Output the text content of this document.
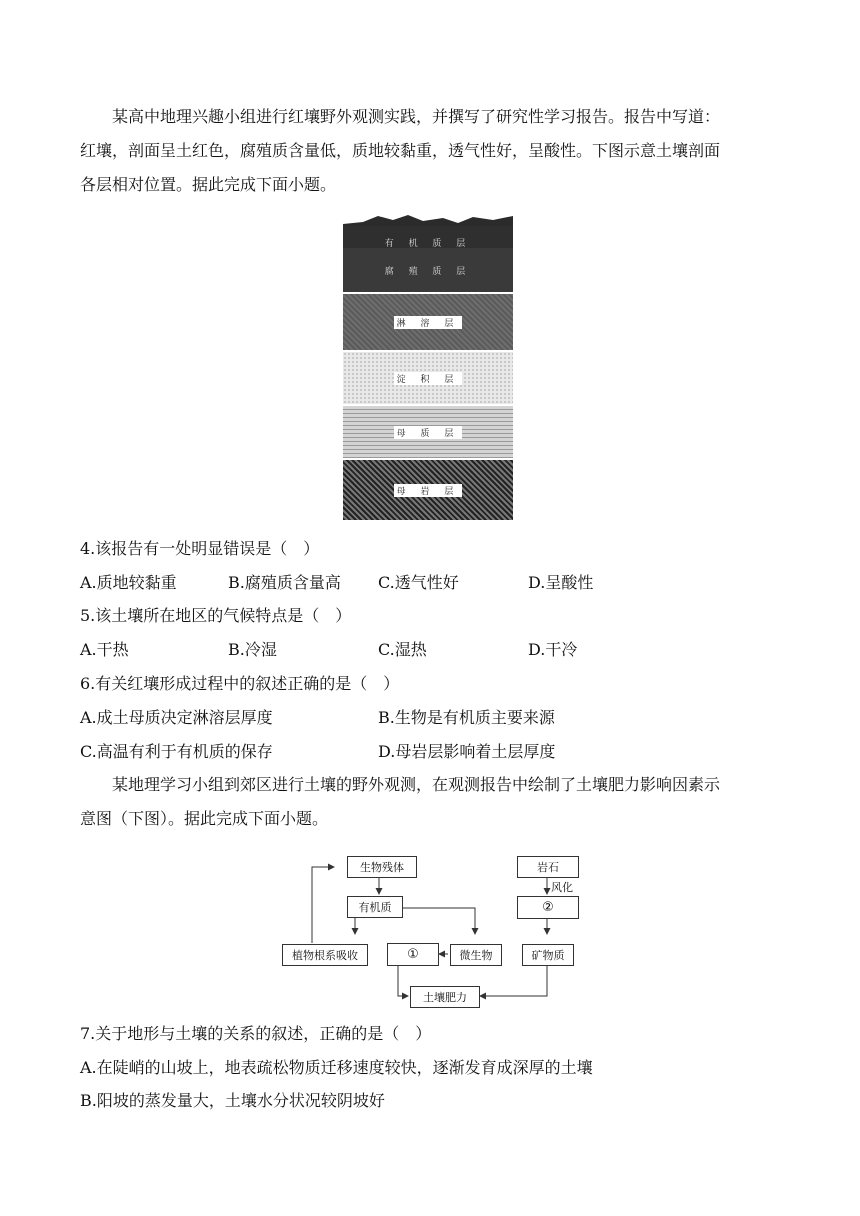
某高中地理兴趣小组进行红壤野外观测实践，并撰写了研究性学习报告。报告中写道：
红壤，剖面呈土红色，腐殖质含量低，质地较黏重，透气性好，呈酸性。下图示意土壤剖面
各层相对位置。据此完成下面小题。
有 机 质 层
腐 殖 质 层
淋 溶 层
淀 积 层
母 质 层
母 岩 层
4.该报告有一处明显错误是（　）
A.质地较黏重	B.腐殖质含量高 C.透气性好	D.呈酸性
5.该土壤所在地区的气候特点是（　）
A.干热	B.冷湿	C.湿热	D.干冷
6.有关红壤形成过程中的叙述正确的是（　）
A.成土母质决定淋溶层厚度	B.生物是有机质主要来源
C.高温有利于有机质的保存	D.母岩层影响着土层厚度
某地理学习小组到郊区进行土壤的野外观测，在观测报告中绘制了土壤肥力影响因素示
意图（下图）。据此完成下面小题。
生物残体
有机质
植物根系吸收	①	微生物
岩石
风化
②
矿物质
土壤肥力
7.关于地形与土壤的关系的叙述，正确的是（　）
A.在陡峭的山坡上，地表疏松物质迁移速度较快，逐渐发育成深厚的土壤
B.阳坡的蒸发量大，土壤水分状况较阴坡好
